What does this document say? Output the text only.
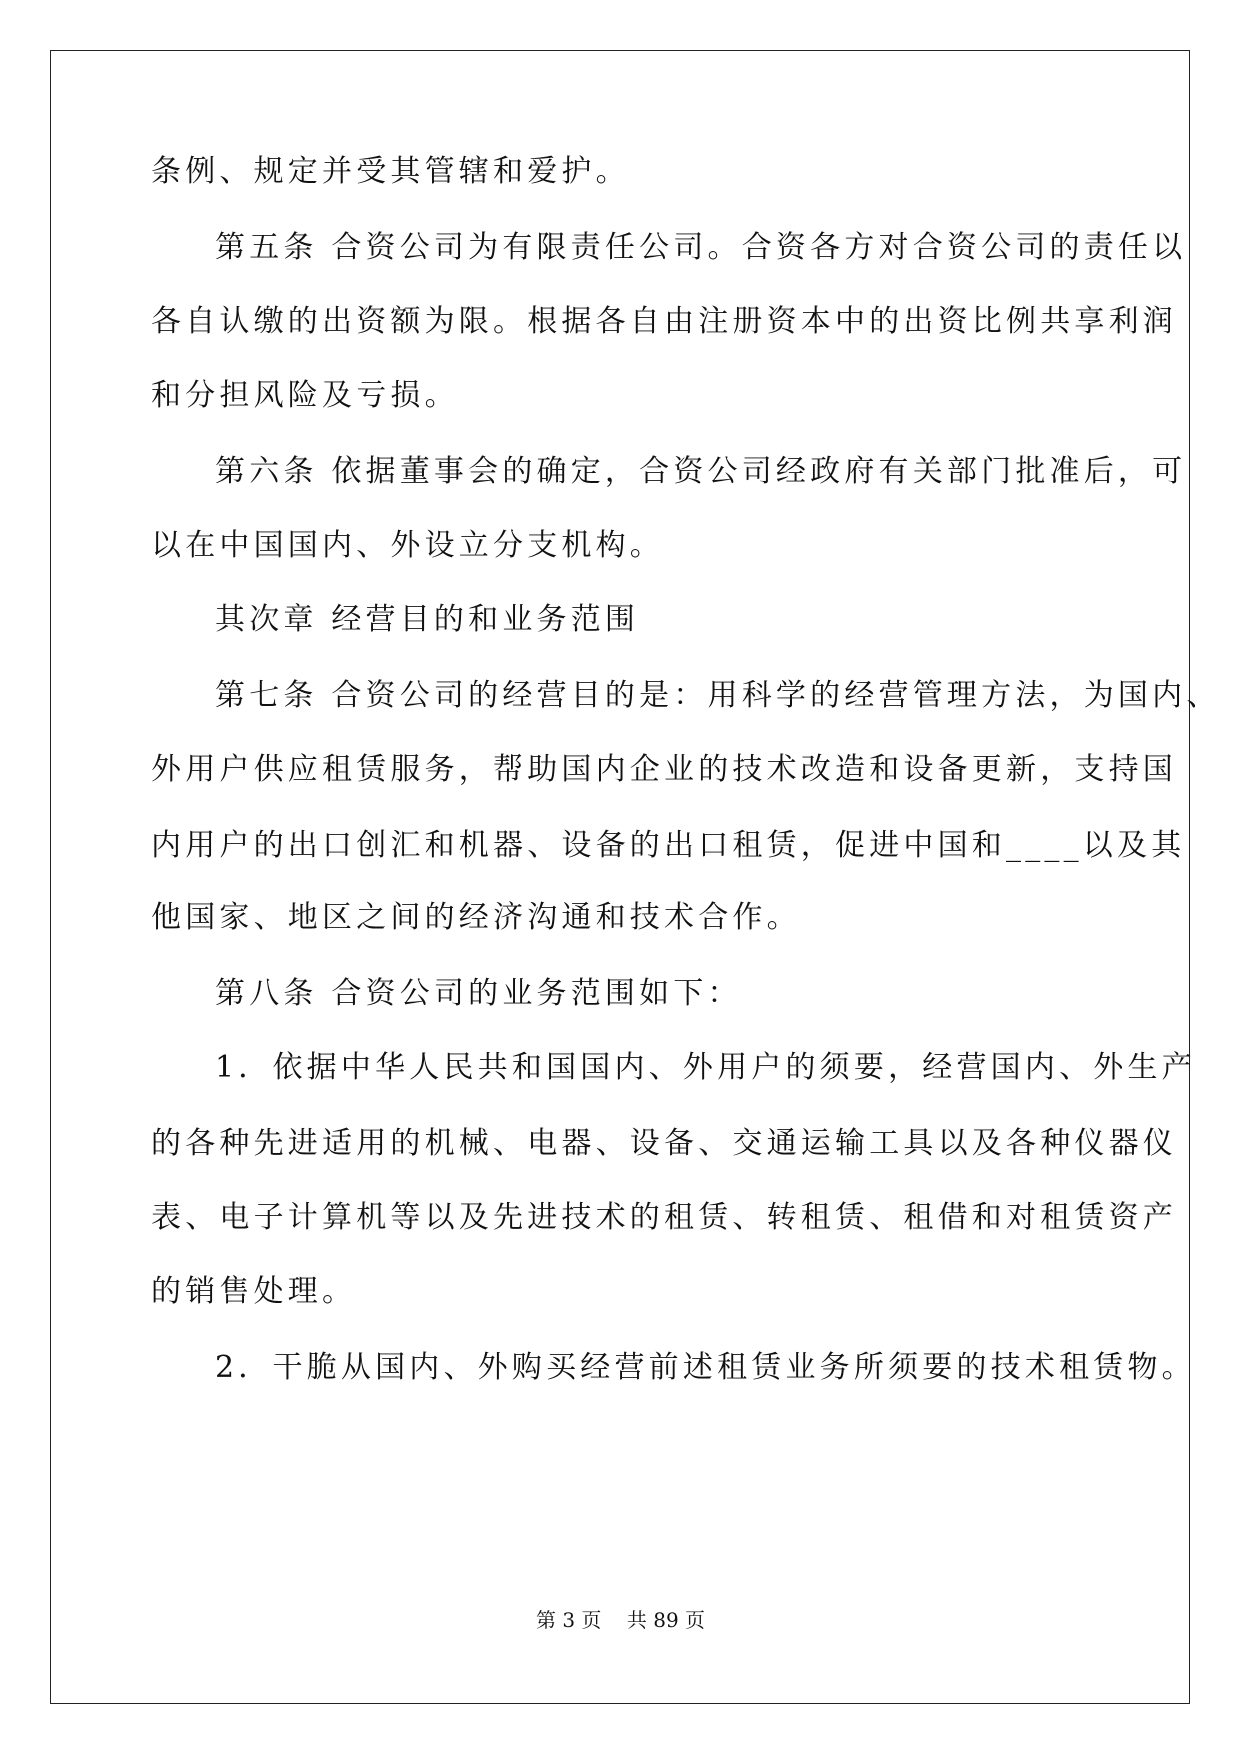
条例、规定并受其管辖和爱护。
第五条 合资公司为有限责任公司。合资各方对合资公司的责任以
各自认缴的出资额为限。根据各自由注册资本中的出资比例共享利润
和分担风险及亏损。
第六条 依据董事会的确定，合资公司经政府有关部门批准后，可
以在中国国内、外设立分支机构。
其次章 经营目的和业务范围
第七条 合资公司的经营目的是：用科学的经营管理方法，为国内、
外用户供应租赁服务，帮助国内企业的技术改造和设备更新，支持国
内用户的出口创汇和机器、设备的出口租赁，促进中国和____以及其
他国家、地区之间的经济沟通和技术合作。
第八条 合资公司的业务范围如下：
1．依据中华人民共和国国内、外用户的须要，经营国内、外生产
的各种先进适用的机械、电器、设备、交通运输工具以及各种仪器仪
表、电子计算机等以及先进技术的租赁、转租赁、租借和对租赁资产
的销售处理。
2．干脆从国内、外购买经营前述租赁业务所须要的技术租赁物。
第 3 页 共 89 页
